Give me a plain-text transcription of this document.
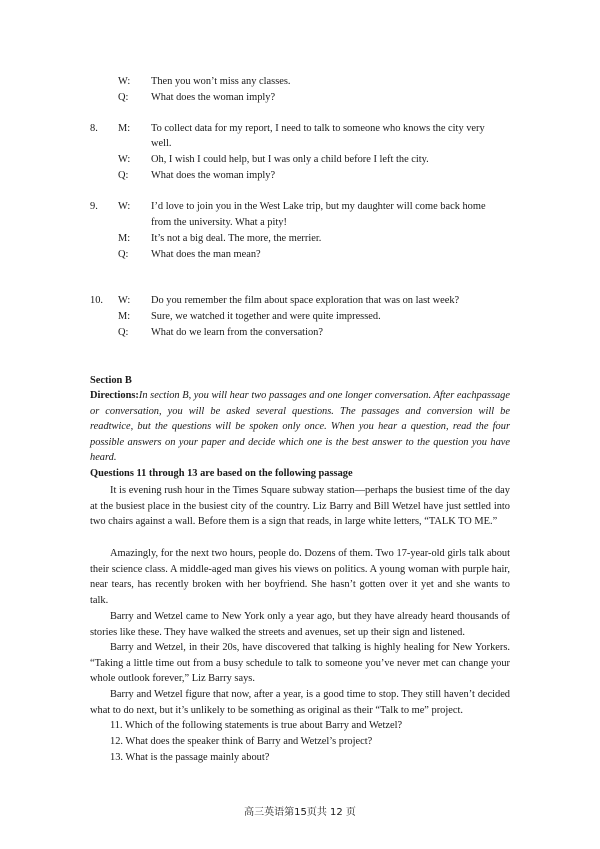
W: Then you won’t miss any classes.
Q: What does the woman imply?
8. M: To collect data for my report, I need to talk to someone who knows the city very
well.
W: Oh, I wish I could help, but I was only a child before I left the city.
Q: What does the woman imply?
9. W: I’d love to join you in the West Lake trip, but my daughter will come back home
from the university. What a pity!
M: It’s not a big deal. The more, the merrier.
Q: What does the man mean?
10. W: Do you remember the film about space exploration that was on last week?
M: Sure, we watched it together and were quite impressed.
Q: What do we learn from the conversation?
Section B
Directions:In section B, you will hear two passages and one longer conversation. After eachpassage or conversation, you will be asked several questions. The passages and conversion will be readtwice, but the questions will be spoken only once. When you hear a question, read the four possible answers on your paper and decide which one is the best answer to the question you have heard.
Questions 11 through 13 are based on the following passage
It is evening rush hour in the Times Square subway station—perhaps the busiest time of the day at the busiest place in the busiest city of the country. Liz Barry and Bill Wetzel have just settled into two chairs against a wall. Before them is a sign that reads, in large white letters, “TALK TO ME.”
Amazingly, for the next two hours, people do. Dozens of them. Two 17-year-old girls talk about their science class. A middle-aged man gives his views on politics. A young woman with purple hair, near tears, has recently broken with her boyfriend. She hasn’t gotten over it yet and she wants to talk.
Barry and Wetzel came to New York only a year ago, but they have already heard thousands of stories like these. They have walked the streets and avenues, set up their sign and listened.
Barry and Wetzel, in their 20s, have discovered that talking is highly healing for New Yorkers. “Taking a little time out from a busy schedule to talk to someone you’ve never met can change your whole outlook forever,” Liz Barry says.
Barry and Wetzel figure that now, after a year, is a good time to stop. They still haven’t decided what to do next, but it’s unlikely to be something as original as their “Talk to me” project.
11. Which of the following statements is true about Barry and Wetzel?
12. What does the speaker think of Barry and Wetzel’s project?
13. What is the passage mainly about?
高三英语第15页共 12 页
